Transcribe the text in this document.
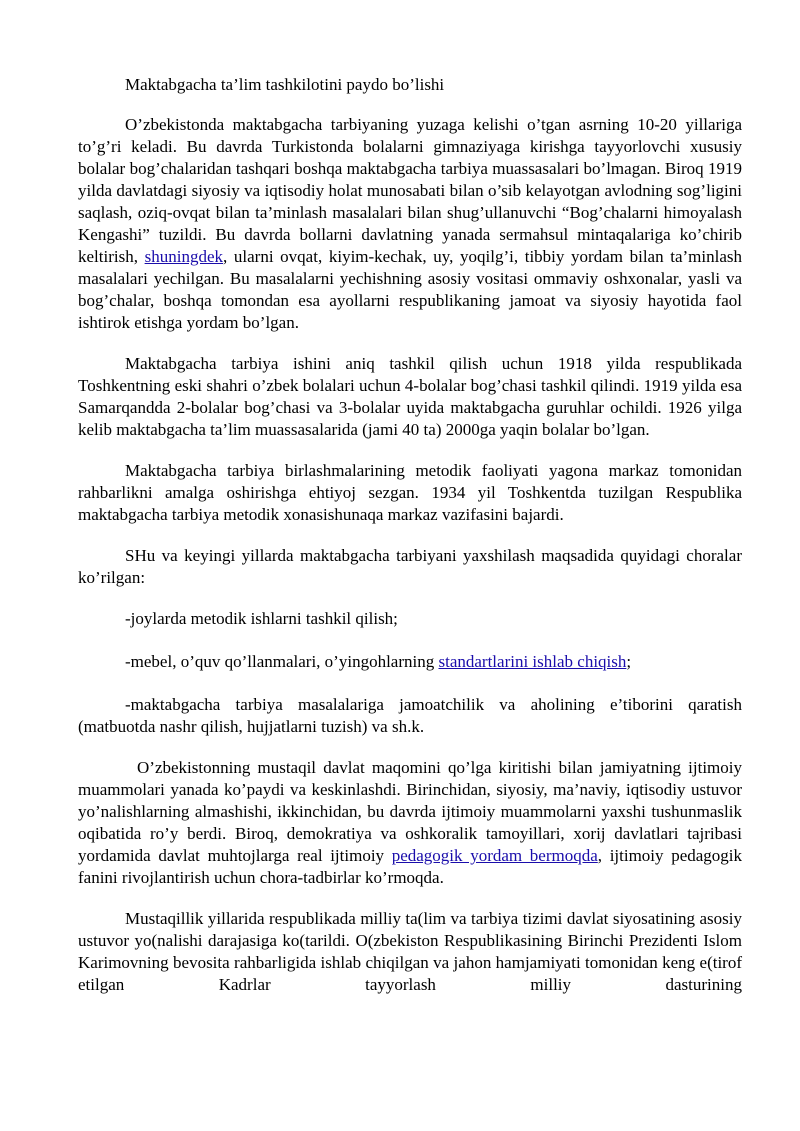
Maktabgacha ta’lim tashkilotini paydo bo’lishi

O’zbekistonda maktabgacha tarbiyaning yuzaga kelishi o’tgan asrning 10-20 yillariga to’g’ri keladi. Bu davrda Turkistonda bolalarni gimnaziyaga kirishga tayyorlovchi xususiy bolalar bog’chalaridan tashqari boshqa maktabgacha tarbiya muassasalari bo’lmagan. Biroq 1919 yilda davlatdagi siyosiy va iqtisodiy holat munosabati bilan o’sib kelayotgan avlodning sog’ligini saqlash, oziq-ovqat bilan ta’minlash masalalari bilan shug’ullanuvchi “Bog’chalarni himoyalash Kengashi” tuzildi. Bu davrda bollarni davlatning yanada sermahsul mintaqalariga ko’chirib keltirish, shuningdek, ularni ovqat, kiyim-kechak, uy, yoqilg’i, tibbiy yordam bilan ta’minlash masalalari yechilgan. Bu masalalarni yechishning asosiy vositasi ommaviy oshxonalar, yasli va bog’chalar, boshqa tomondan esa ayollarni respublikaning jamoat va siyosiy hayotida faol ishtirok etishga yordam bo’lgan.

Maktabgacha tarbiya ishini aniq tashkil qilish uchun 1918 yilda respublikada Toshkentning eski shahri o’zbek bolalari uchun 4-bolalar bog’chasi tashkil qilindi. 1919 yilda esa Samarqandda 2-bolalar bog’chasi va 3-bolalar uyida maktabgacha guruhlar ochildi. 1926 yilga kelib maktabgacha ta’lim muassasalarida (jami 40 ta) 2000ga yaqin bolalar bo’lgan.

Maktabgacha tarbiya birlashmalarining metodik faoliyati yagona markaz tomonidan rahbarlikni amalga oshirishga ehtiyoj sezgan. 1934 yil Toshkentda tuzilgan Respublika maktabgacha tarbiya metodik xonasishunaqa markaz vazifasini bajardi.

SHu va keyingi yillarda maktabgacha tarbiyani yaxshilash maqsadida quyidagi choralar ko’rilgan:

-joylarda metodik ishlarni tashkil qilish;

-mebel, o’quv qo’llanmalari, o’yingohlarning standartlarini ishlab chiqish;

-maktabgacha tarbiya masalalariga jamoatchilik va aholining e’tiborini qaratish (matbuotda nashr qilish, hujjatlarni tuzish) va sh.k.

O’zbekistonning mustaqil davlat maqomini qo’lga kiritishi bilan jamiyatning ijtimoiy muammolari yanada ko’paydi va keskinlashdi. Birinchidan, siyosiy, ma’naviy, iqtisodiy ustuvor yo’nalishlarning almashishi, ikkinchidan, bu davrda ijtimoiy muammolarni yaxshi tushunmaslik oqibatida ro’y berdi. Biroq, demokratiya va oshkoralik tamoyillari, xorij davlatlari tajribasi yordamida davlat muhtojlarga real ijtimoiy pedagogik yordam bermoqda, ijtimoiy pedagogik fanini rivojlantirish uchun chora-tadbirlar ko’rmoqda.

Mustaqillik yillarida respublikada milliy ta(lim va tarbiya tizimi davlat siyosatining asosiy ustuvor yo(nalishi darajasiga ko(tarildi. O(zbekiston Respublikasining Birinchi Prezidenti Islom Karimovning bevosita rahbarligida ishlab chiqilgan va jahon hamjamiyati tomonidan keng e(tirof etilgan Kadrlar tayyorlash milliy dasturining
